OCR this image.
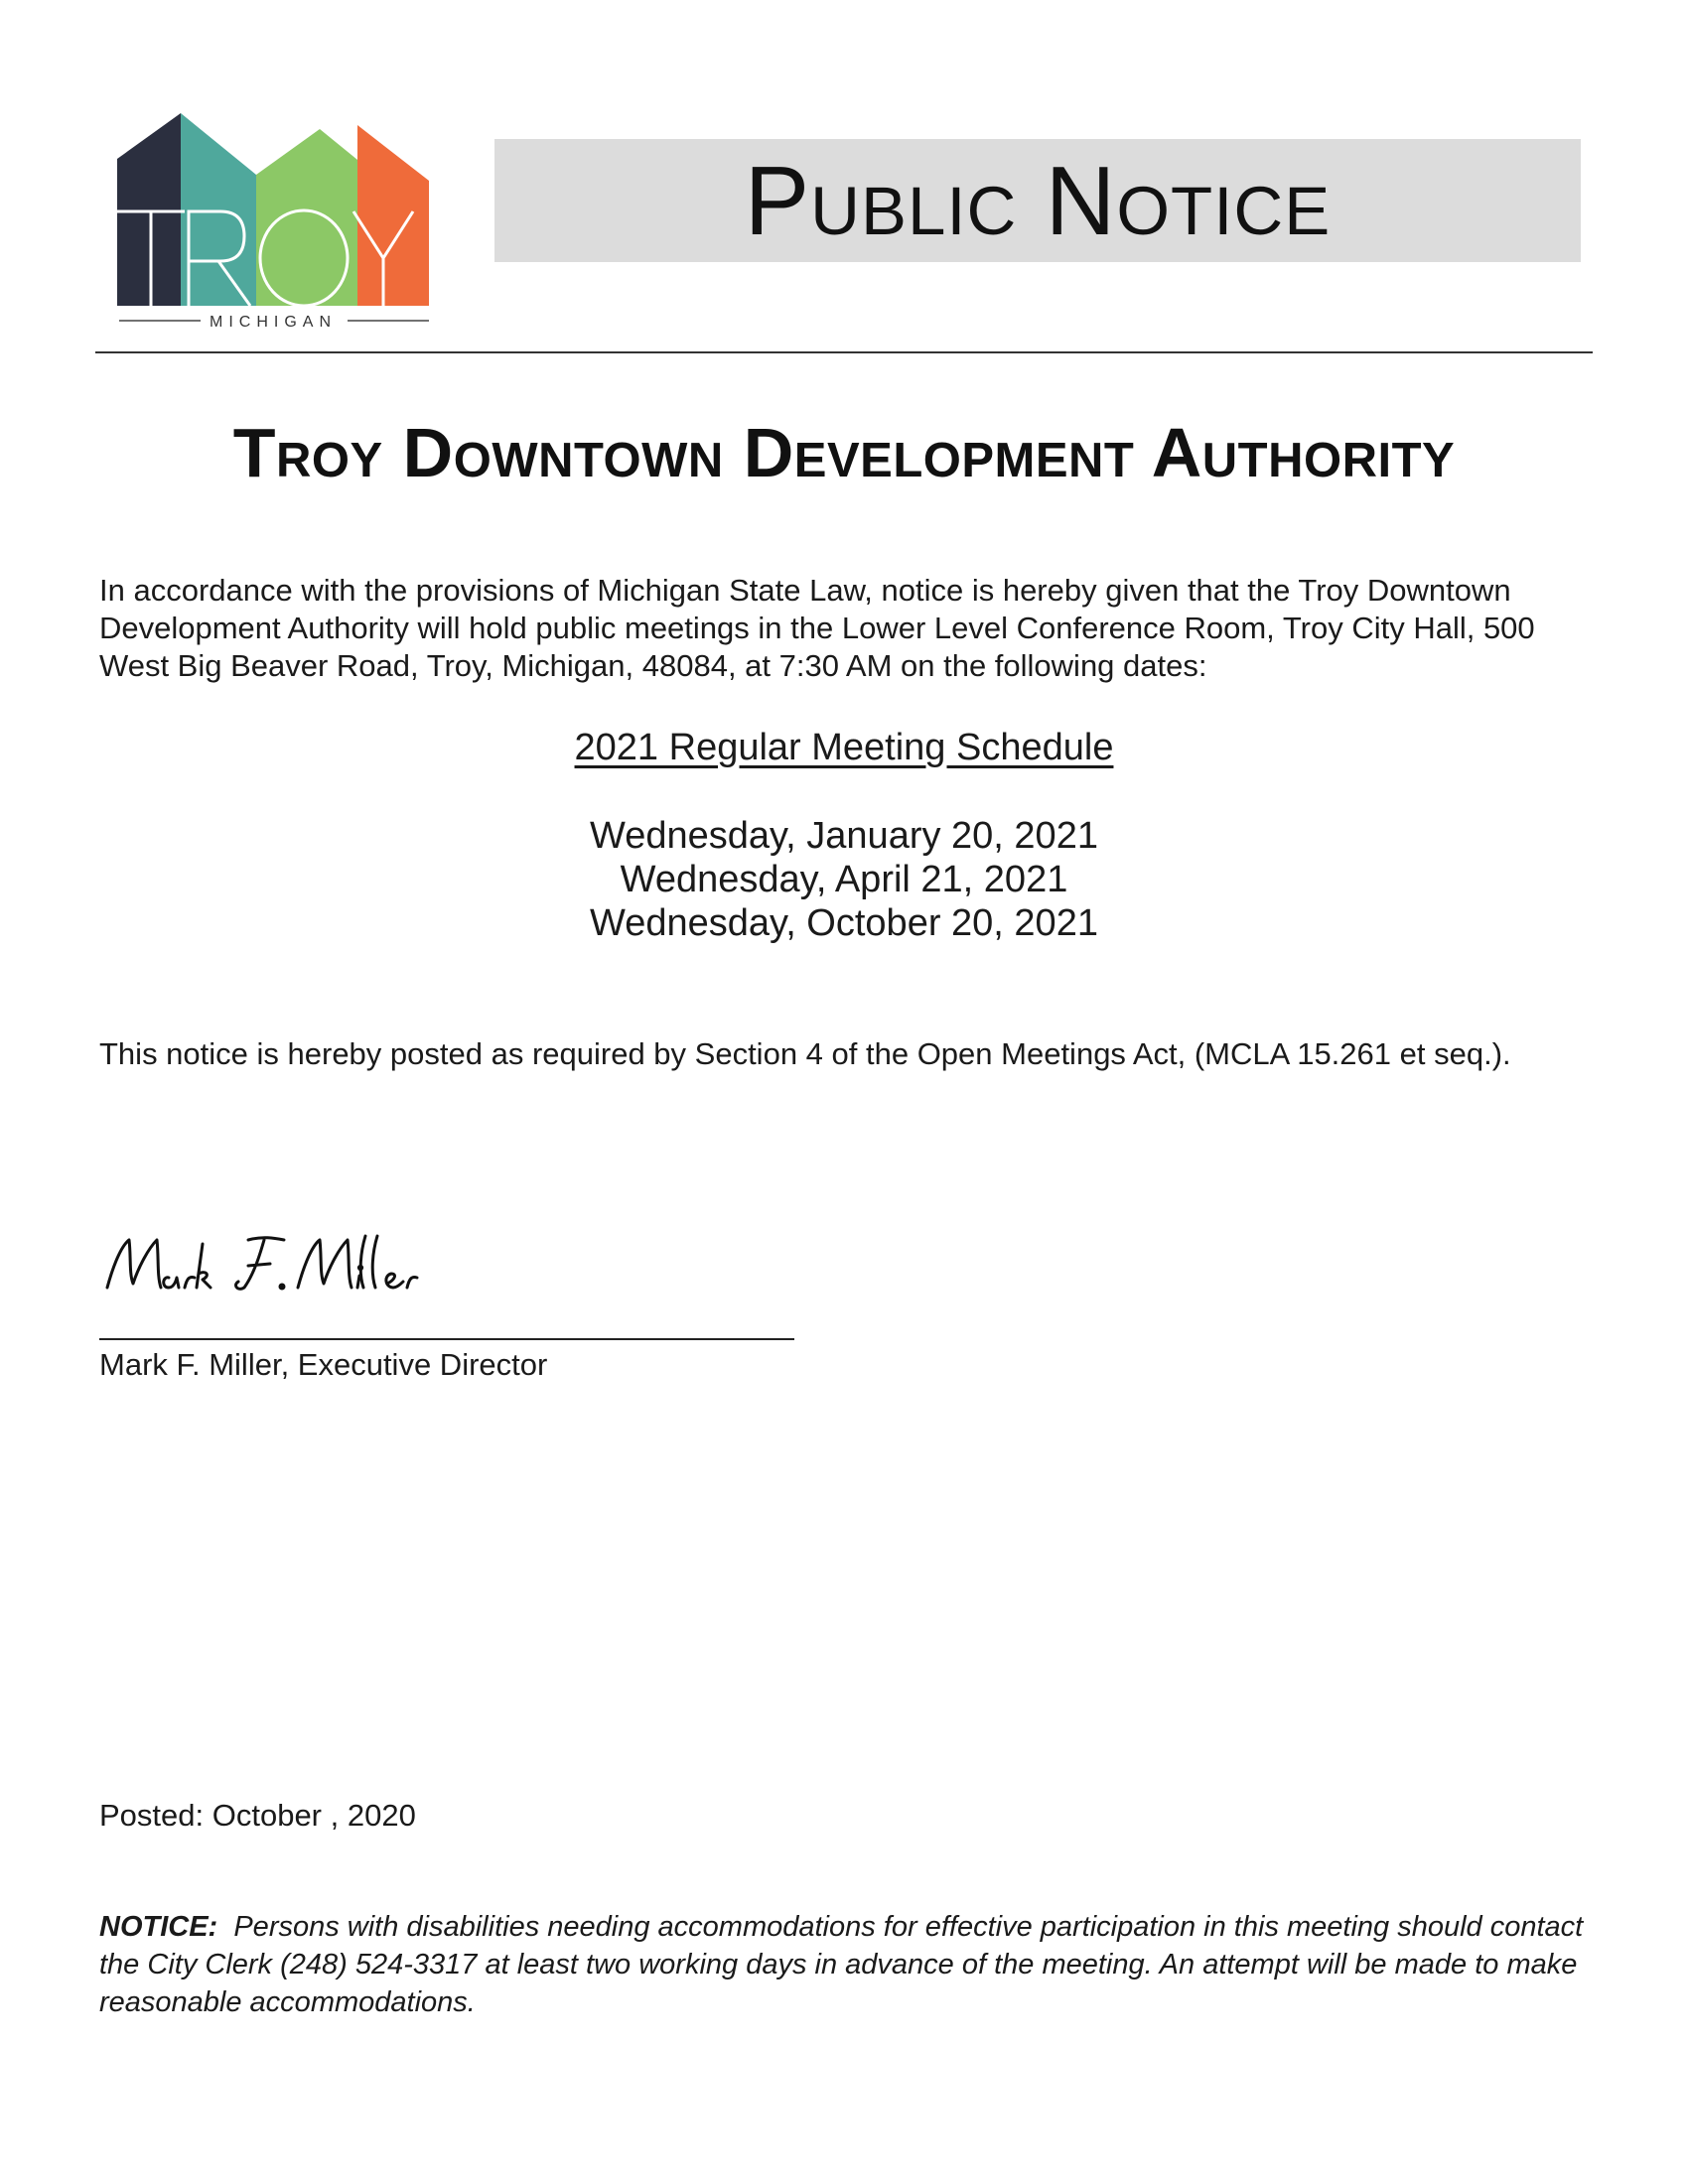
MICHIGAN
Public Notice
Troy Downtown Development Authority
In accordance with the provisions of Michigan State Law, notice is hereby given that the Troy Downtown Development Authority will hold public meetings in the Lower Level Conference Room, Troy City Hall, 500 West Big Beaver Road, Troy, Michigan, 48084, at 7:30 AM on the following dates:
2021 Regular Meeting Schedule
Wednesday, January 20, 2021
Wednesday, April 21, 2021
Wednesday, October 20, 2021
This notice is hereby posted as required by Section 4 of the Open Meetings Act, (MCLA 15.261 et seq.).
Mark F. Miller, Executive Director
Posted: October , 2020
NOTICE: Persons with disabilities needing accommodations for effective participation in this meeting should contact the City Clerk (248) 524-3317 at least two working days in advance of the meeting. An attempt will be made to make reasonable accommodations.
